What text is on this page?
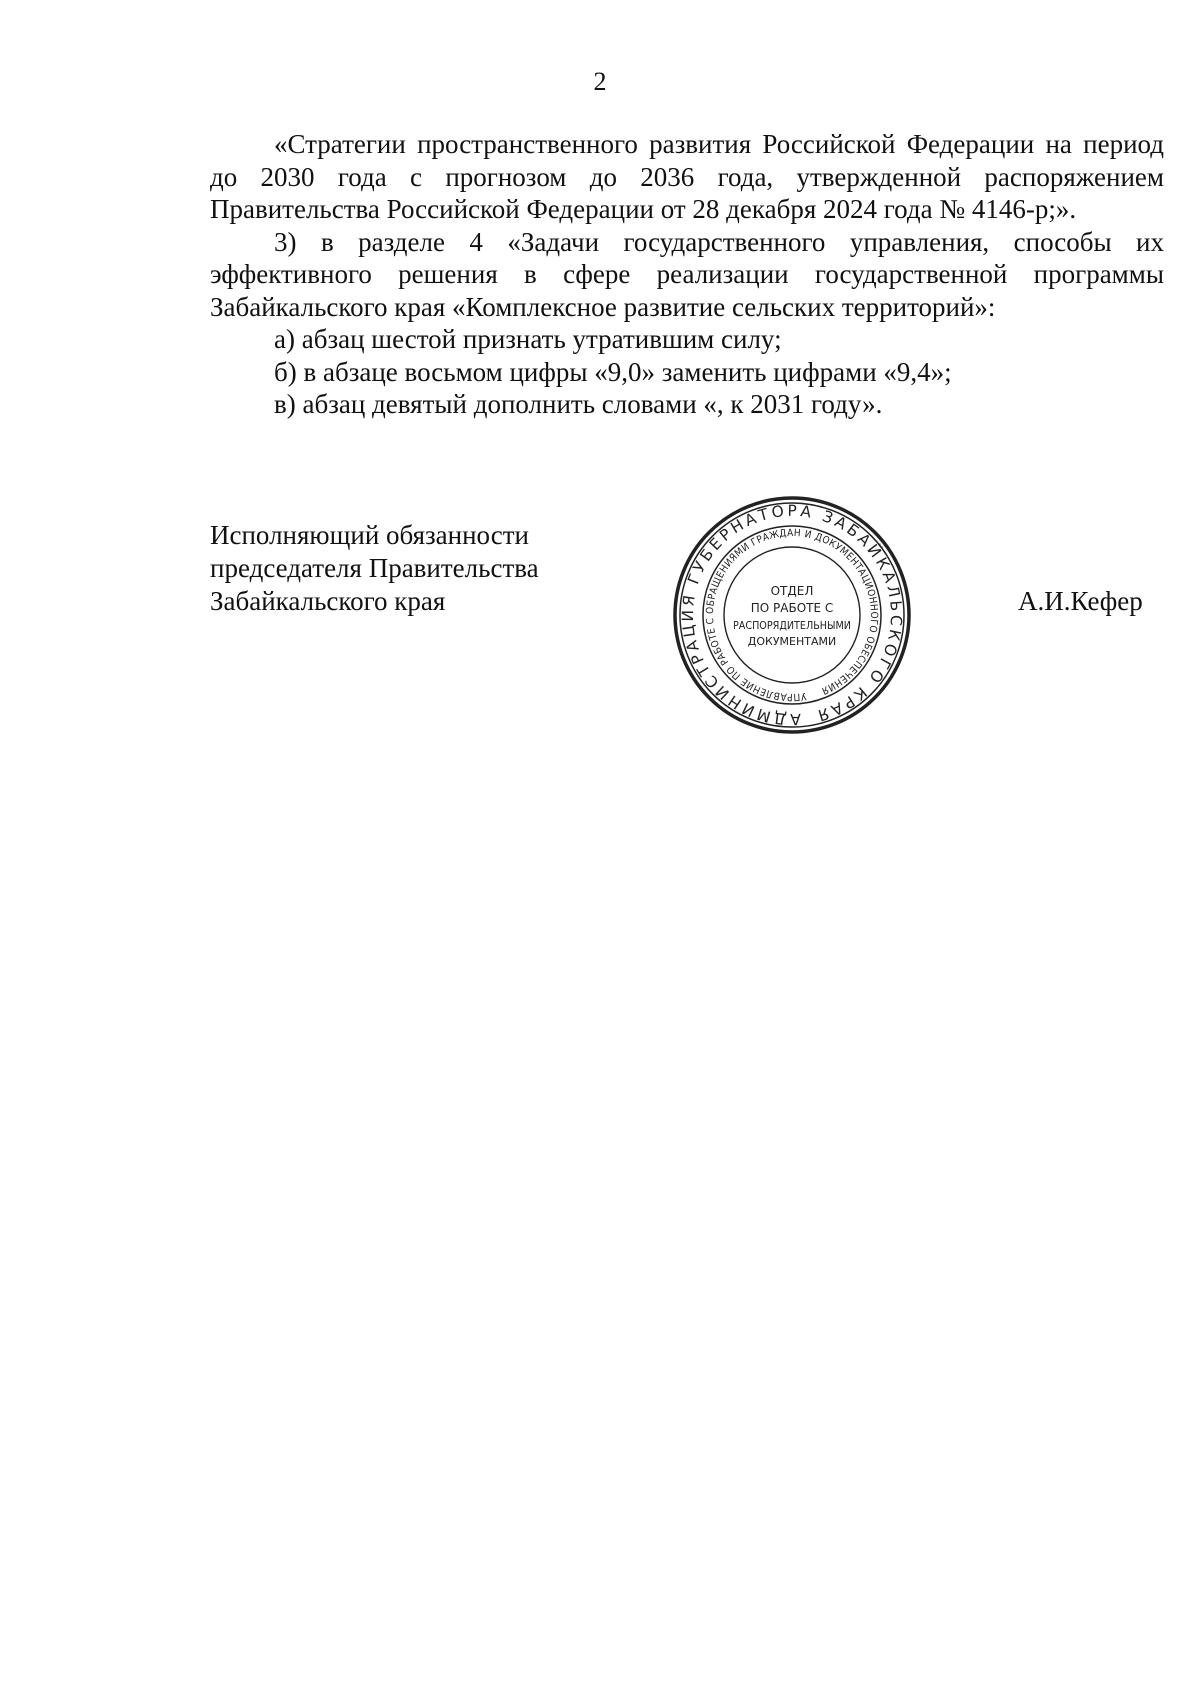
2

«Стратегии пространственного развития Российской Федерации на период до 2030 года с прогнозом до 2036 года, утвержденной распоряжением Правительства Российской Федерации от 28 декабря 2024 года № 4146-р;».

3) в разделе 4 «Задачи государственного управления, способы их эффективного решения в сфере реализации государственной программы Забайкальского края «Комплексное развитие сельских территорий»:

а) абзац шестой признать утратившим силу;

б) в абзаце восьмом цифры «9,0» заменить цифрами «9,4»;

в) абзац девятый дополнить словами «, к 2031 году».

Исполняющий обязанности
председателя Правительства
Забайкальского края
АДМИНИСТРАЦИЯ ГУБЕРНАТОРА ЗАБАЙКАЛЬСКОГО КРАЯ
УПРАВЛЕНИЕ ПО РАБОТЕ С ОБРАЩЕНИЯМИ ГРАЖДАН И ДОКУМЕНТАЦИОННОГО ОБЕСПЕЧЕНИЯ
ОТДЕЛ
ПО РАБОТЕ С
РАСПОРЯДИТЕЛЬНЫМИ
ДОКУМЕНТАМИ
А.И.Кефер
